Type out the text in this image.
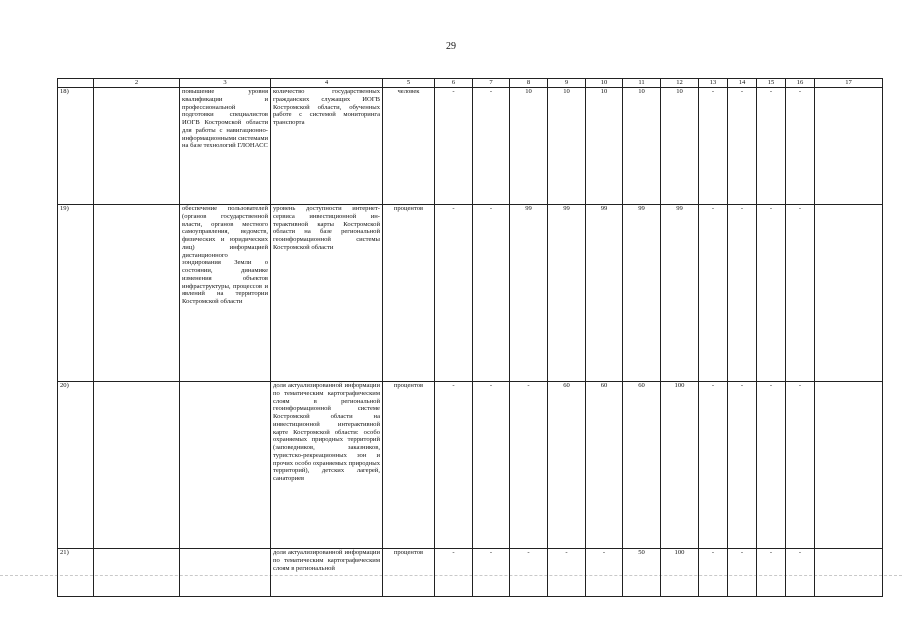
29
	2	3	4	5	6	7	8	9	10	11	12	13	14	15	16	17
18)		повышение уровня квалификации и профессиональной подготовки специалистов ИОГВ Костромской области для работы с навигационно-информационными системами на базе технологий ГЛОНАСС	количество государственных гражданских служащих ИОГВ Костромской области, обученных работе с системой мониторинга транспорта	человек	-	-	10	10	10	10	10	-	-	-	-	
19)		обеспечение пользователей (органов государственной власти, органов местного самоуправления, ведомств, физических и юридических лиц) информацией дистанционного зондирования Земли о состоянии, динамике изменения объектов инфраструктуры, процессов и явлений на территории Костромской области	уровень доступности интернет-сервиса инвестиционной ин-терактивной карты Костромской области на базе региональной геоинформационной системы Костромской области	процентов	-	-	99	99	99	99	99	-	-	-	-	
20)			доля актуализированной информации по тематическим картографическим слоям в региональной геоинформационной системе Костромской области на инвестиционной интерактивной карте Костромской области: особо охраняемых природных территорий (заповедников, заказников, туристско-рекреационных зон и прочих особо охраняемых природных территорий), детских лагерей, санаториев	процентов	-	-	-	60	60	60	100	-	-	-	-	
21)			доля актуализированной информации по тематическим картографическим слоям в региональной	процентов	-	-	-	-	-	50	100	-	-	-	-	
